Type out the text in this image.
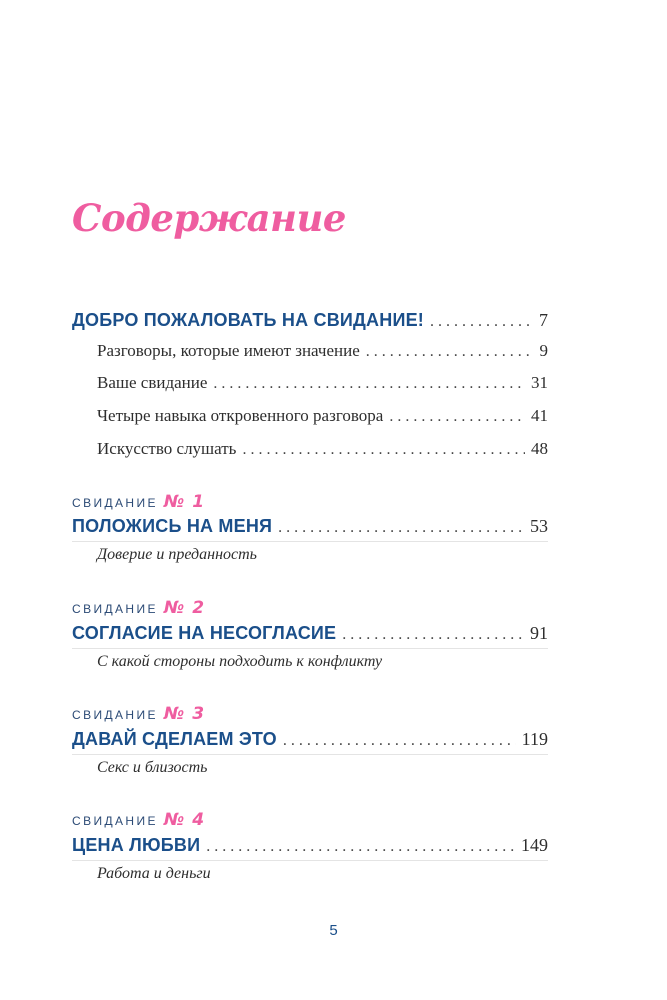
Содержание
ДОБРО ПОЖАЛОВАТЬ НА СВИДАНИЕ! . . .	7
Разговоры, которые имеют значение . . .	9
Ваше свидание . . .	31
Четыре навыка откровенного разговора . . .	41
Искусство слушать . . .	48
СВИДАНИЕ № 1
ПОЛОЖИСЬ НА МЕНЯ . . .	53
Доверие и преданность
СВИДАНИЕ № 2
СОГЛАСИЕ НА НЕСОГЛАСИЕ . . .	91
С какой стороны подходить к конфликту
СВИДАНИЕ № 3
ДАВАЙ СДЕЛАЕМ ЭТО . . .	119
Секс и близость
СВИДАНИЕ № 4
ЦЕНА ЛЮБВИ . . .	149
Работа и деньги
5
